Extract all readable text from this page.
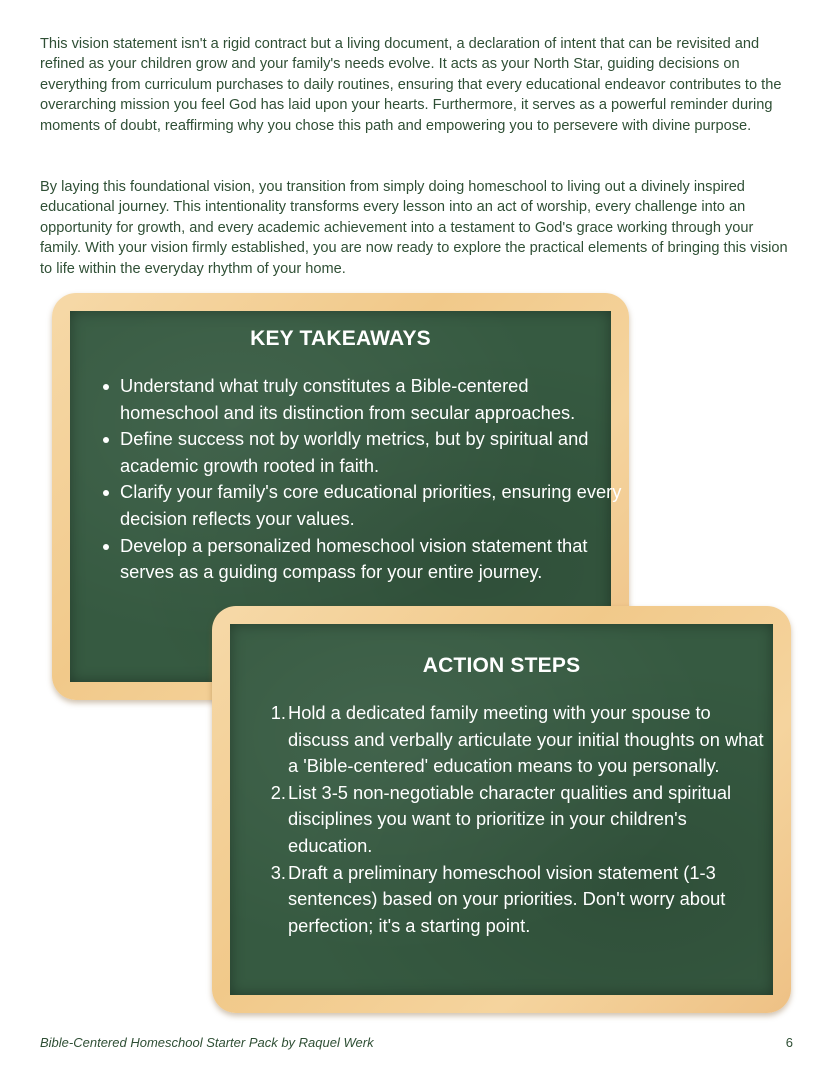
This vision statement isn't a rigid contract but a living document, a declaration of intent that can be revisited and refined as your children grow and your family's needs evolve. It acts as your North Star, guiding decisions on everything from curriculum purchases to daily routines, ensuring that every educational endeavor contributes to the overarching mission you feel God has laid upon your hearts. Furthermore, it serves as a powerful reminder during moments of doubt, reaffirming why you chose this path and empowering you to persevere with divine purpose.

By laying this foundational vision, you transition from simply doing homeschool to living out a divinely inspired educational journey. This intentionality transforms every lesson into an act of worship, every challenge into an opportunity for growth, and every academic achievement into a testament to God's grace working through your family. With your vision firmly established, you are now ready to explore the practical elements of bringing this vision to life within the everyday rhythm of your home.

KEY TAKEAWAYS
Understand what truly constitutes a Bible-centered homeschool and its distinction from secular approaches.
Define success not by worldly metrics, but by spiritual and academic growth rooted in faith.
Clarify your family's core educational priorities, ensuring every decision reflects your values.
Develop a personalized homeschool vision statement that serves as a guiding compass for your entire journey.
ACTION STEPS
1. Hold a dedicated family meeting with your spouse to discuss and verbally articulate your initial thoughts on what a 'Bible-centered' education means to you personally.
2. List 3-5 non-negotiable character qualities and spiritual disciplines you want to prioritize in your children's education.
3. Draft a preliminary homeschool vision statement (1-3 sentences) based on your priorities. Don't worry about perfection; it's a starting point.
Bible-Centered Homeschool Starter Pack by Raquel Werk	6
